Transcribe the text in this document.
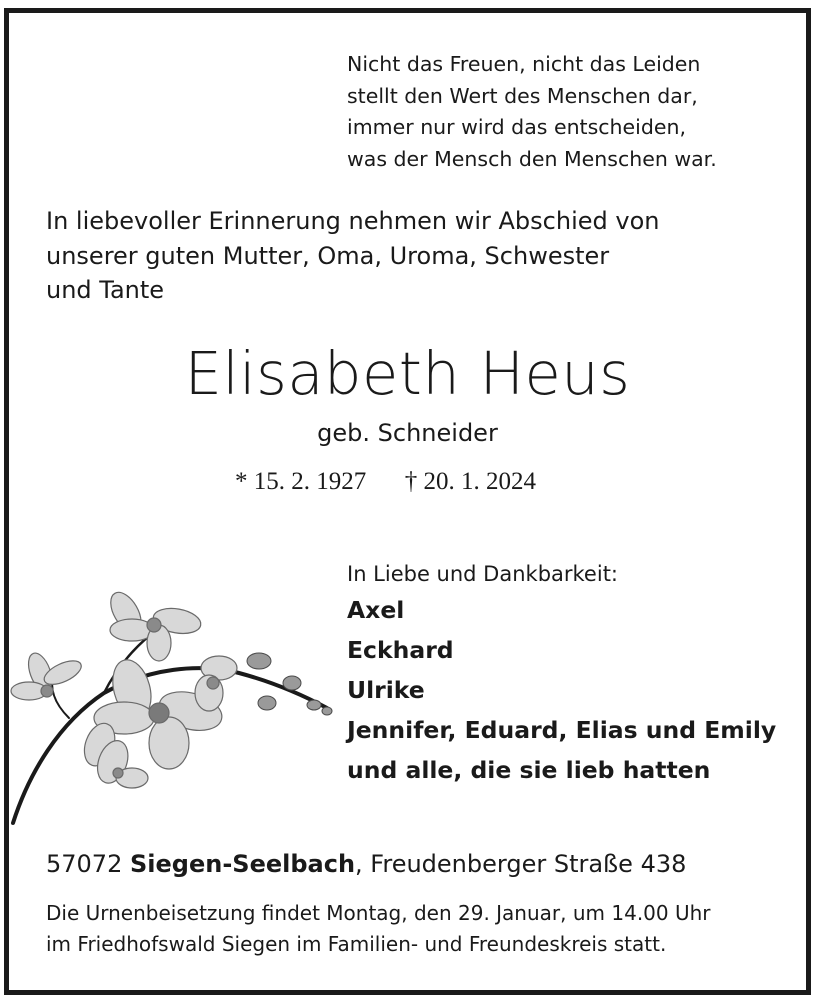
Nicht das Freuen, nicht das Leiden
stellt den Wert des Menschen dar,
immer nur wird das entscheiden,
was der Mensch den Menschen war.
In liebevoller Erinnerung nehmen wir Abschied von
unserer guten Mutter, Oma, Uroma, Schwester
und Tante
Elisabeth Heus
geb. Schneider
* 15. 2. 1927 † 20. 1. 2024
In Liebe und Dankbarkeit:
Axel
Eckhard
Ulrike
Jennifer, Eduard, Elias und Emily
und alle, die sie lieb hatten
57072 Siegen-Seelbach, Freudenberger Straße 438
Die Urnenbeisetzung findet Montag, den 29. Januar, um 14.00 Uhr
im Friedhofswald Siegen im Familien- und Freundeskreis statt.
